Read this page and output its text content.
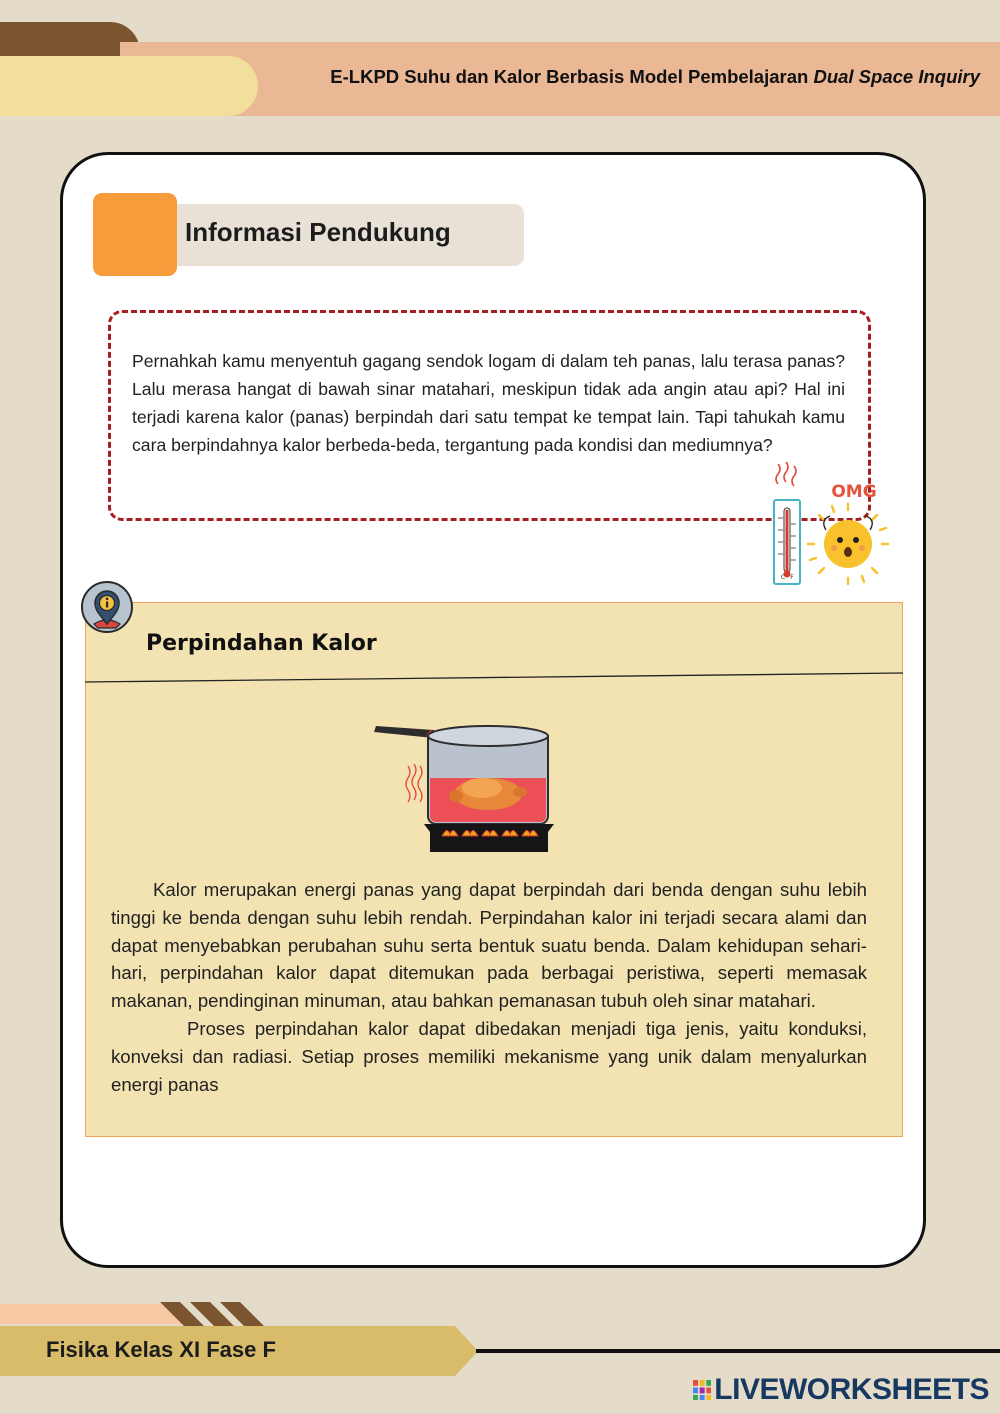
E-LKPD Suhu dan Kalor Berbasis Model Pembelajaran Dual Space Inquiry
Informasi Pendukung
Pernahkah kamu menyentuh gagang sendok logam di dalam teh panas, lalu terasa panas? Lalu merasa hangat di bawah sinar matahari, meskipun tidak ada angin atau api? Hal ini terjadi karena kalor (panas) berpindah dari satu tempat ke tempat lain. Tapi tahukah kamu cara berpindahnya kalor berbeda-beda, tergantung pada kondisi dan mediumnya?
C F
OMG
Perpindahan Kalor

Kalor merupakan energi panas yang dapat berpindah dari benda dengan suhu lebih tinggi ke benda dengan suhu lebih rendah. Perpindahan kalor ini terjadi secara alami dan dapat menyebabkan perubahan suhu serta bentuk suatu benda. Dalam kehidupan sehari-hari, perpindahan kalor dapat ditemukan pada berbagai peristiwa, seperti memasak makanan, pendinginan minuman, atau bahkan pemanasan tubuh oleh sinar matahari.

Proses perpindahan kalor dapat dibedakan menjadi tiga jenis, yaitu konduksi, konveksi dan radiasi. Setiap proses memiliki mekanisme yang unik dalam menyalurkan energi panas

Fisika Kelas XI Fase F
LIVEWORKSHEETS
